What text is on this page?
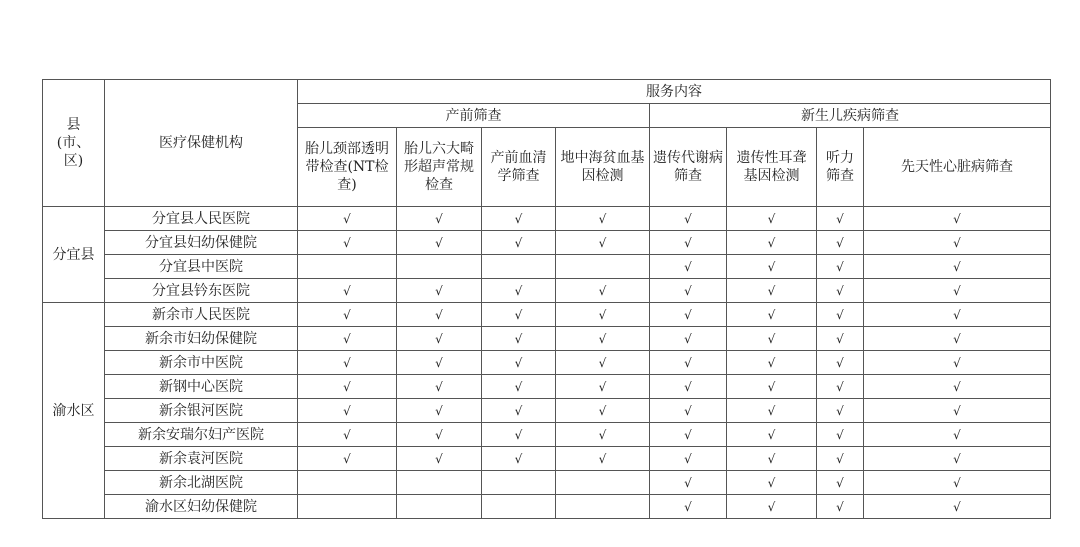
县(市、区)	医疗保健机构	服务内容							
		产前筛查				新生儿疾病筛查			
		胎儿颈部透明带检查(NT检查)	胎儿六大畸形超声常规检查	产前血清学筛查	地中海贫血基因检测	遗传代谢病筛查	遗传性耳聋基因检测	听力筛查	先天性心脏病筛查
分宜县	分宜县人民医院	√	√	√	√	√	√	√	√
	分宜县妇幼保健院	√	√	√	√	√	√	√	√
	分宜县中医院					√	√	√	√
	分宜县钤东医院	√	√	√	√	√	√	√	√
渝水区	新余市人民医院	√	√	√	√	√	√	√	√
	新余市妇幼保健院	√	√	√	√	√	√	√	√
	新余市中医院	√	√	√	√	√	√	√	√
	新钢中心医院	√	√	√	√	√	√	√	√
	新余银河医院	√	√	√	√	√	√	√	√
	新余安瑞尔妇产医院	√	√	√	√	√	√	√	√
	新余袁河医院	√	√	√	√	√	√	√	√
	新余北湖医院					√	√	√	√
	渝水区妇幼保健院					√	√	√	√
